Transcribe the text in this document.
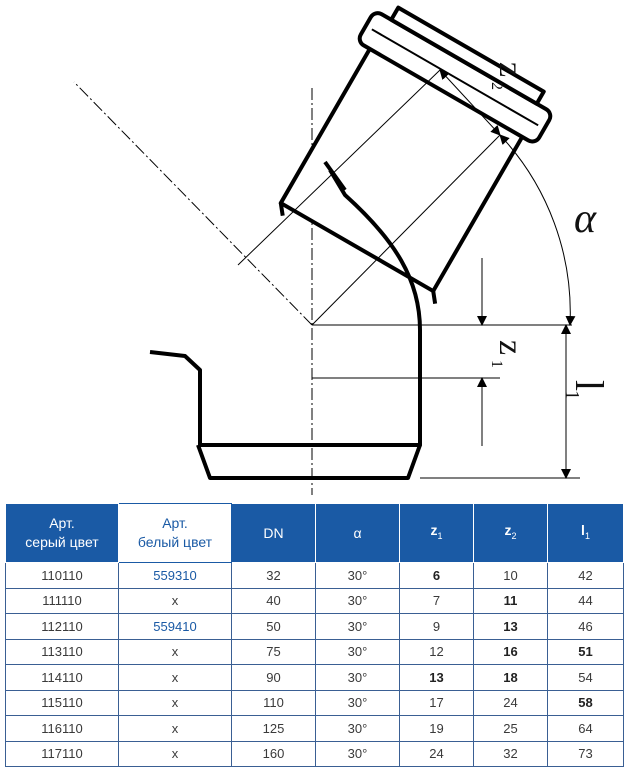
z
2
α
z
1
l
1
Арт.
серый цвет	Арт.
белый цвет	DN	α	$z_1$	$z_2$	$l_1$
110110	559310	32	30°	6	10	42
111110	x	40	30°	7	11	44
112110	559410	50	30°	9	13	46
113110	x	75	30°	12	16	51
114110	x	90	30°	13	18	54
115110	x	110	30°	17	24	58
116110	x	125	30°	19	25	64
117110	x	160	30°	24	32	73
